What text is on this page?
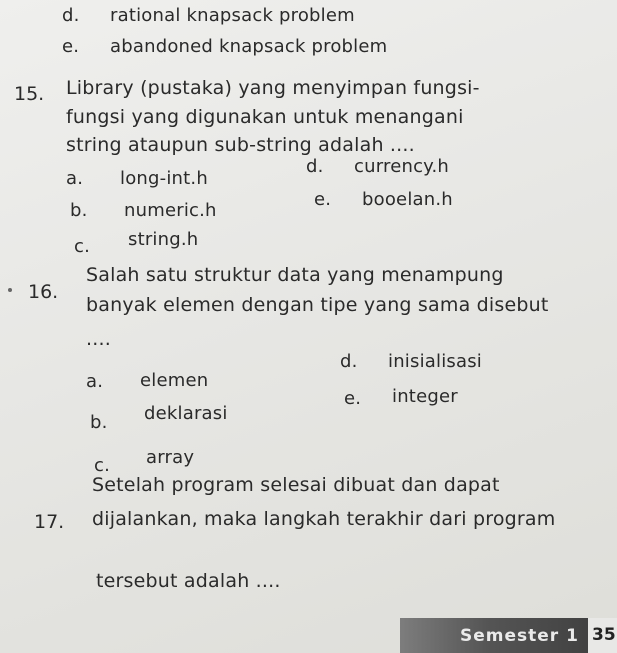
d. rational knapsack problem
e. abandoned knapsack problem
15. Library (pustaka) yang menyimpan fungsi-
fungsi yang digunakan untuk menangani
string ataupun sub-string adalah ....
a. long-int.h
d. currency.h
b. numeric.h
e. booelan.h
c. string.h
16.
Salah satu struktur data yang menampung
banyak elemen dengan tipe yang sama disebut
....
a. elemen
d. inisialisasi
b. deklarasi
e. integer
c. array
17.
Setelah program selesai dibuat dan dapat
dijalankan, maka langkah terakhir dari program
tersebut adalah ....
Semester 1 35
